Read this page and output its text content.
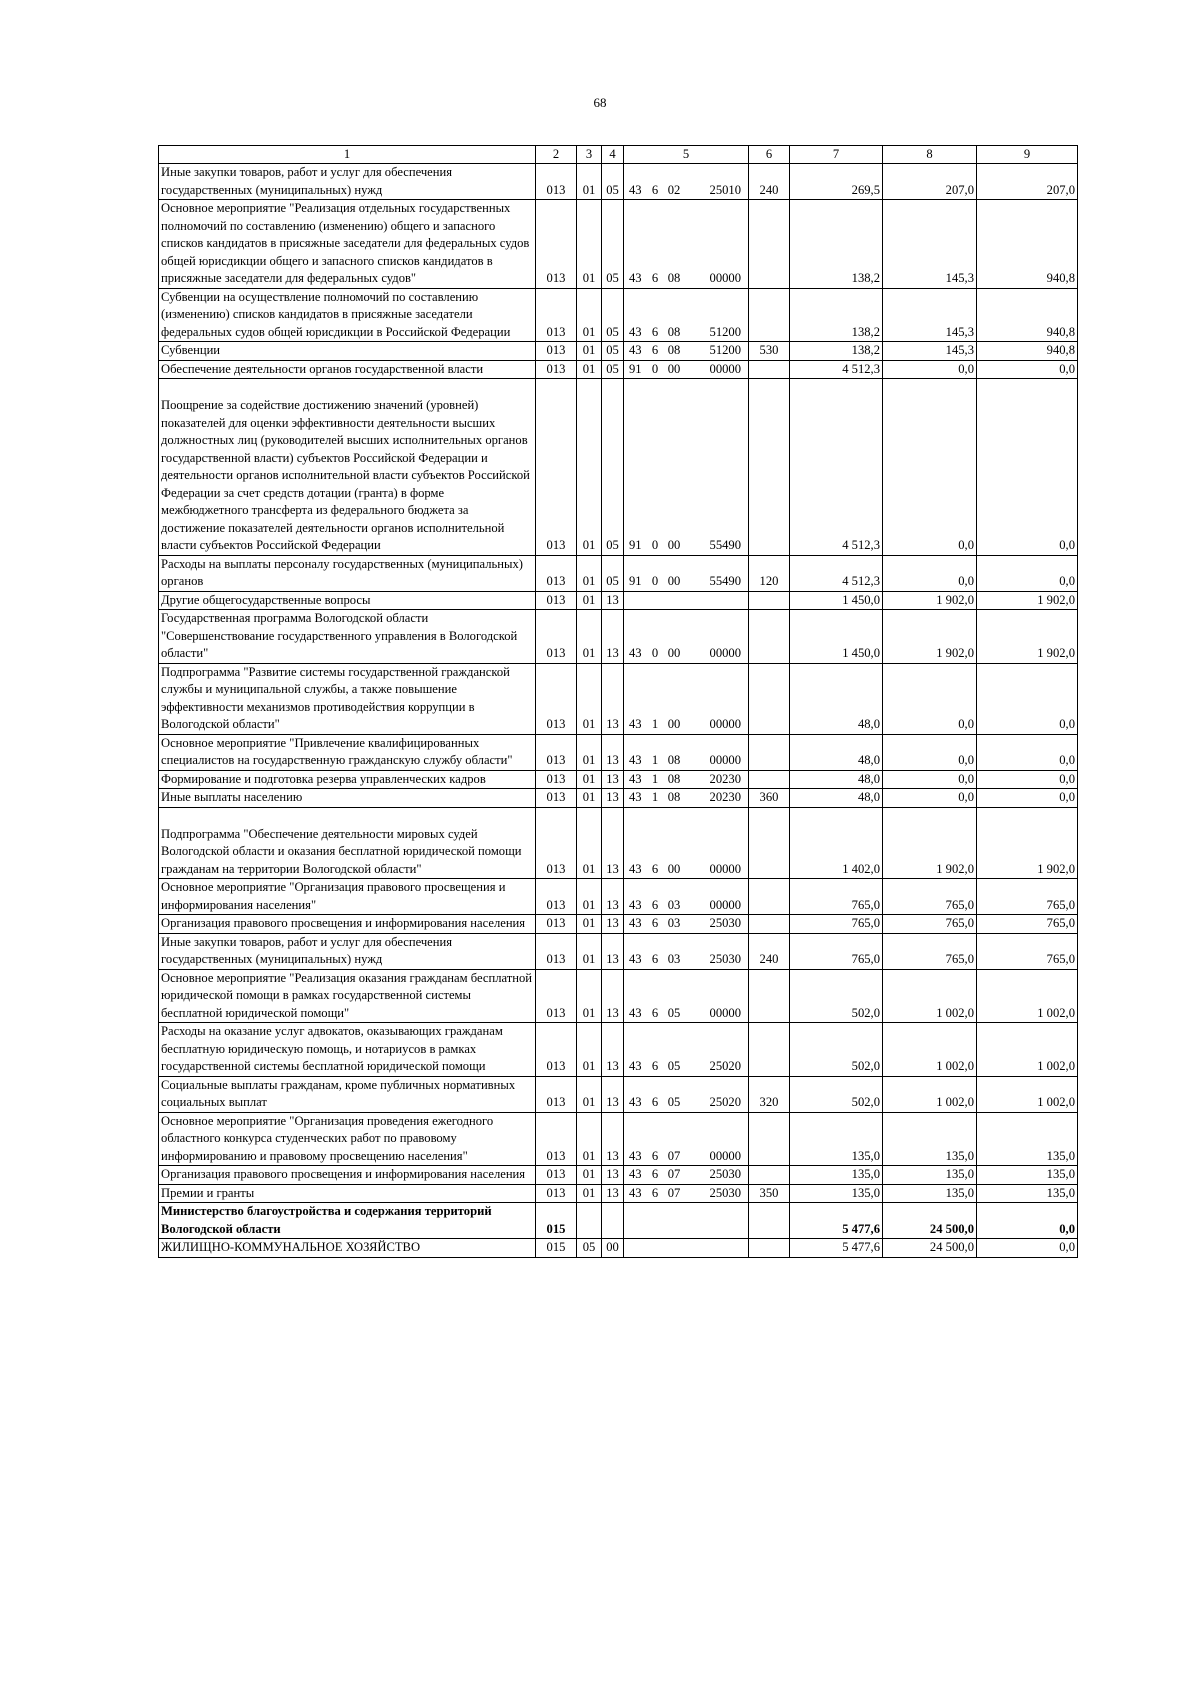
68
1	2	3	4	5	6	7	8	9
Иные закупки товаров, работ и услуг для обеспечения государственных (муниципальных) нужд	013	01	05	43 6 02 25010	240	269,5	207,0	207,0
Основное мероприятие "Реализация отдельных государственных полномочий по составлению (изменению) общего и запасного списков кандидатов в присяжные заседатели для федеральных судов общей юрисдикции общего и запасного списков кандидатов в присяжные заседатели для федеральных судов"	013	01	05	43 6 08 00000		138,2	145,3	940,8
Субвенции на осуществление полномочий по составлению (изменению) списков кандидатов в присяжные заседатели федеральных судов общей юрисдикции в Российской Федерации	013	01	05	43 6 08 51200		138,2	145,3	940,8
Субвенции	013	01	05	43 6 08 51200	530	138,2	145,3	940,8
Обеспечение деятельности органов государственной власти	013	01	05	91 0 00 00000		4 512,3	0,0	0,0
Поощрение за содействие достижению значений (уровней) показателей для оценки эффективности деятельности высших должностных лиц (руководителей высших исполнительных органов государственной власти) субъектов Российской Федерации и деятельности органов исполнительной власти субъектов Российской Федерации за счет средств дотации (гранта) в форме межбюджетного трансферта из федерального бюджета за достижение показателей деятельности органов исполнительной власти субъектов Российской Федерации	013	01	05	91 0 00 55490		4 512,3	0,0	0,0
Расходы на выплаты персоналу государственных (муниципальных) органов	013	01	05	91 0 00 55490	120	4 512,3	0,0	0,0
Другие общегосударственные вопросы	013	01	13			1 450,0	1 902,0	1 902,0
Государственная программа Вологодской области "Совершенствование государственного управления в Вологодской области"	013	01	13	43 0 00 00000		1 450,0	1 902,0	1 902,0
Подпрограмма "Развитие системы государственной гражданской службы и муниципальной службы, а также повышение эффективности механизмов противодействия коррупции в Вологодской области"	013	01	13	43 1 00 00000		48,0	0,0	0,0
Основное мероприятие "Привлечение квалифицированных специалистов на государственную гражданскую службу области"	013	01	13	43 1 08 00000		48,0	0,0	0,0
Формирование и подготовка резерва управленческих кадров	013	01	13	43 1 08 20230		48,0	0,0	0,0
Иные выплаты населению	013	01	13	43 1 08 20230	360	48,0	0,0	0,0
Подпрограмма "Обеспечение деятельности мировых судей Вологодской области и оказания бесплатной юридической помощи гражданам на территории Вологодской области"	013	01	13	43 6 00 00000		1 402,0	1 902,0	1 902,0
Основное мероприятие "Организация правового просвещения и информирования населения"	013	01	13	43 6 03 00000		765,0	765,0	765,0
Организация правового просвещения и информирования населения	013	01	13	43 6 03 25030		765,0	765,0	765,0
Иные закупки товаров, работ и услуг для обеспечения государственных (муниципальных) нужд	013	01	13	43 6 03 25030	240	765,0	765,0	765,0
Основное мероприятие "Реализация оказания гражданам бесплатной юридической помощи в рамках государственной системы бесплатной юридической помощи"	013	01	13	43 6 05 00000		502,0	1 002,0	1 002,0
Расходы на оказание услуг адвокатов, оказывающих гражданам бесплатную юридическую помощь, и нотариусов в рамках государственной системы бесплатной юридической помощи	013	01	13	43 6 05 25020		502,0	1 002,0	1 002,0
Социальные выплаты гражданам, кроме публичных нормативных социальных выплат	013	01	13	43 6 05 25020	320	502,0	1 002,0	1 002,0
Основное мероприятие "Организация проведения ежегодного областного конкурса студенческих работ по правовому информированию и правовому просвещению населения"	013	01	13	43 6 07 00000		135,0	135,0	135,0
Организация правового просвещения и информирования населения	013	01	13	43 6 07 25030		135,0	135,0	135,0
Премии и гранты	013	01	13	43 6 07 25030	350	135,0	135,0	135,0
Министерство благоустройства и содержания территорий Вологодской области	015					5 477,6	24 500,0	0,0
ЖИЛИЩНО-КОММУНАЛЬНОЕ ХОЗЯЙСТВО	015	05	00			5 477,6	24 500,0	0,0
